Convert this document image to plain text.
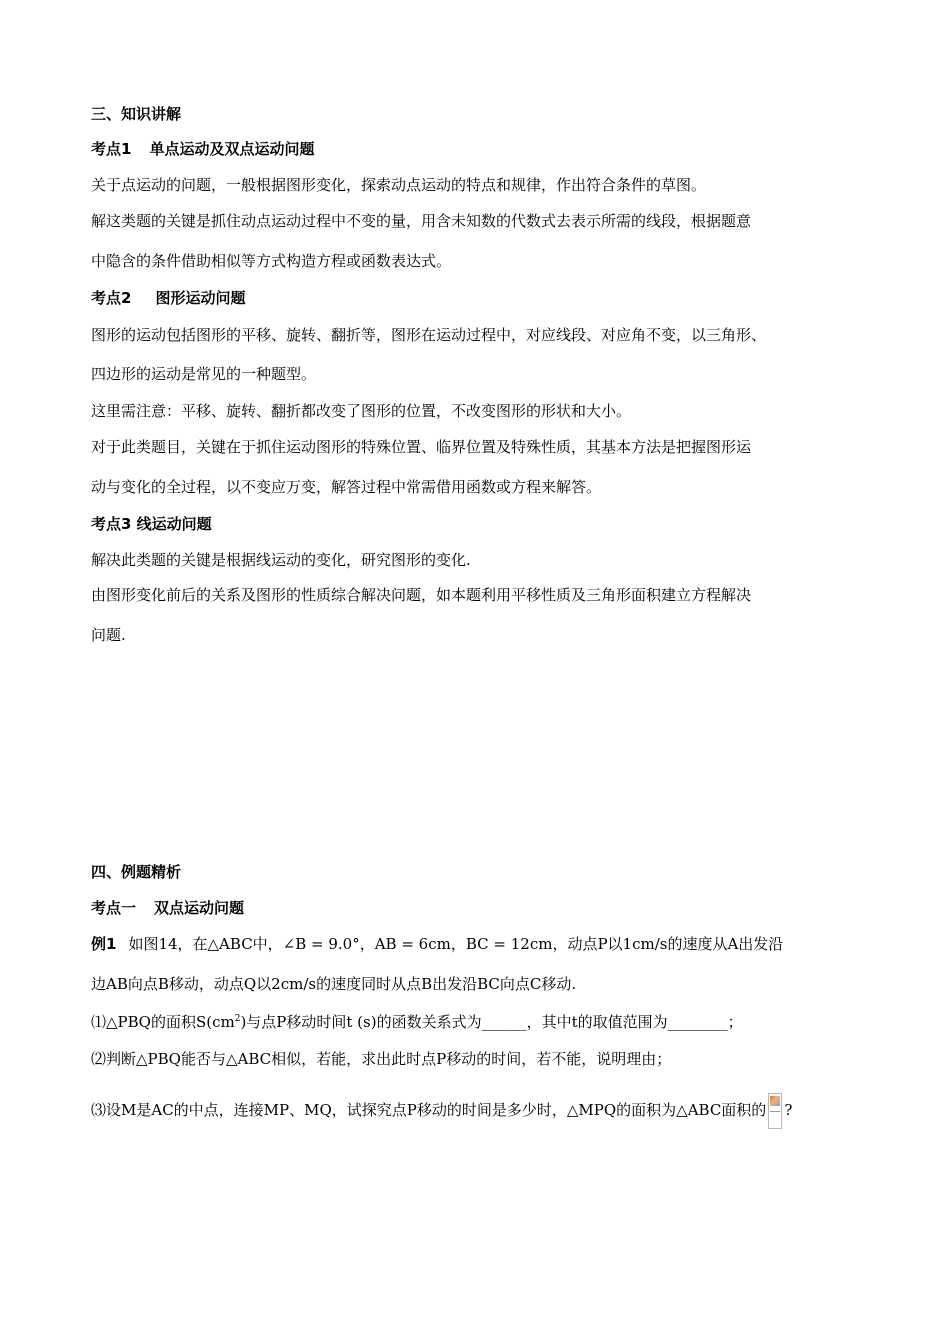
三、知识讲解
考点1 单点运动及双点运动问题
关于点运动的问题，一般根据图形变化，探索动点运动的特点和规律，作出符合条件的草图。
解这类题的关键是抓住动点运动过程中不变的量，用含未知数的代数式去表示所需的线段，根据题意
中隐含的条件借助相似等方式构造方程或函数表达式。
考点2 图形运动问题
图形的运动包括图形的平移、旋转、翻折等，图形在运动过程中，对应线段、对应角不变，以三角形、
四边形的运动是常见的一种题型。
这里需注意：平移、旋转、翻折都改变了图形的位置，不改变图形的形状和大小。
对于此类题目，关键在于抓住运动图形的特殊位置、临界位置及特殊性质，其基本方法是把握图形运
动与变化的全过程，以不变应万变，解答过程中常需借用函数或方程来解答。
考点3 线运动问题
解决此类题的关键是根据线运动的变化，研究图形的变化.
由图形变化前后的关系及图形的性质综合解决问题，如本题利用平移性质及三角形面积建立方程解决
问题.
四、例题精析
考点一 双点运动问题
例1 如图14，在△ABC中，∠B = 9.0°，AB = 6cm，BC = 12cm，动点P以1cm/s的速度从A出发沿
边AB向点B移动，动点Q以2cm/s的速度同时从点B出发沿BC向点C移动.
⑴△PBQ的面积$S(cm^2)$与点P移动时间t (s)的函数关系式为______，其中t的取值范围为________；
⑵判断△PBQ能否与△ABC相似，若能，求出此时点P移动的时间，若不能，说明理由；
⑶设M是AC的中点，连接MP、MQ，试探究点P移动的时间是多少时，△MPQ的面积为△ABC面积的 ?
